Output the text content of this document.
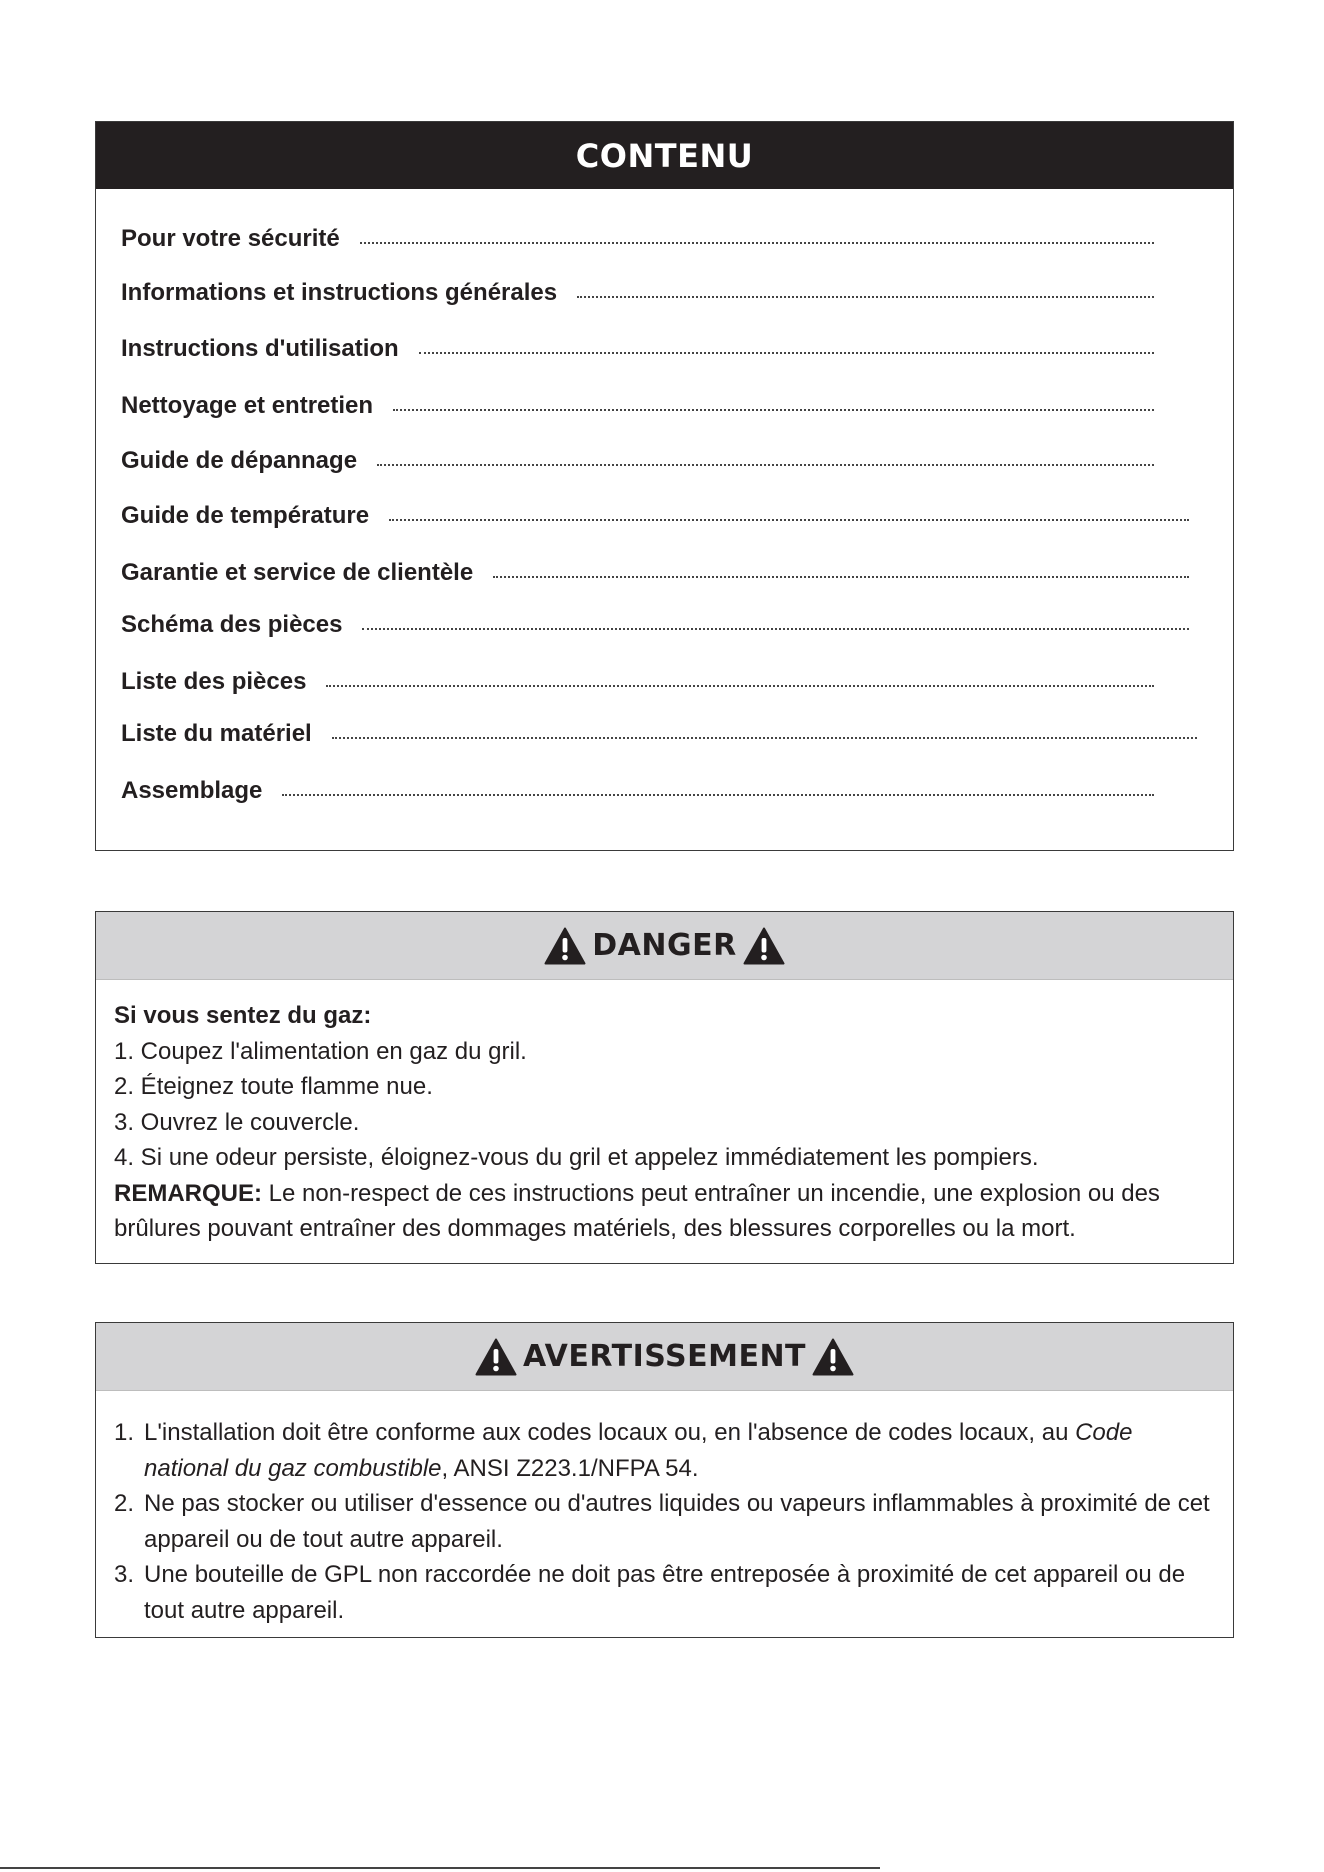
CONTENU
Pour votre sécurité
Informations et instructions générales
Instructions d'utilisation
Nettoyage et entretien
Guide de dépannage
Guide de température
Garantie et service de clientèle
Schéma des pièces
Liste des pièces
Liste du matériel
Assemblage
DANGER
Si vous sentez du gaz:
1. Coupez l'alimentation en gaz du gril.
2. Éteignez toute flamme nue.
3. Ouvrez le couvercle.
4. Si une odeur persiste, éloignez-vous du gril et appelez immédiatement les pompiers.
REMARQUE: Le non-respect de ces instructions peut entraîner un incendie, une explosion ou des brûlures pouvant entraîner des dommages matériels, des blessures corporelles ou la mort.
AVERTISSEMENT
1. L'installation doit être conforme aux codes locaux ou, en l'absence de codes locaux, au Code national du gaz combustible, ANSI Z223.1/NFPA 54.
2. Ne pas stocker ou utiliser d'essence ou d'autres liquides ou vapeurs inflammables à proximité de cet appareil ou de tout autre appareil.
3. Une bouteille de GPL non raccordée ne doit pas être entreposée à proximité de cet appareil ou de tout autre appareil.
